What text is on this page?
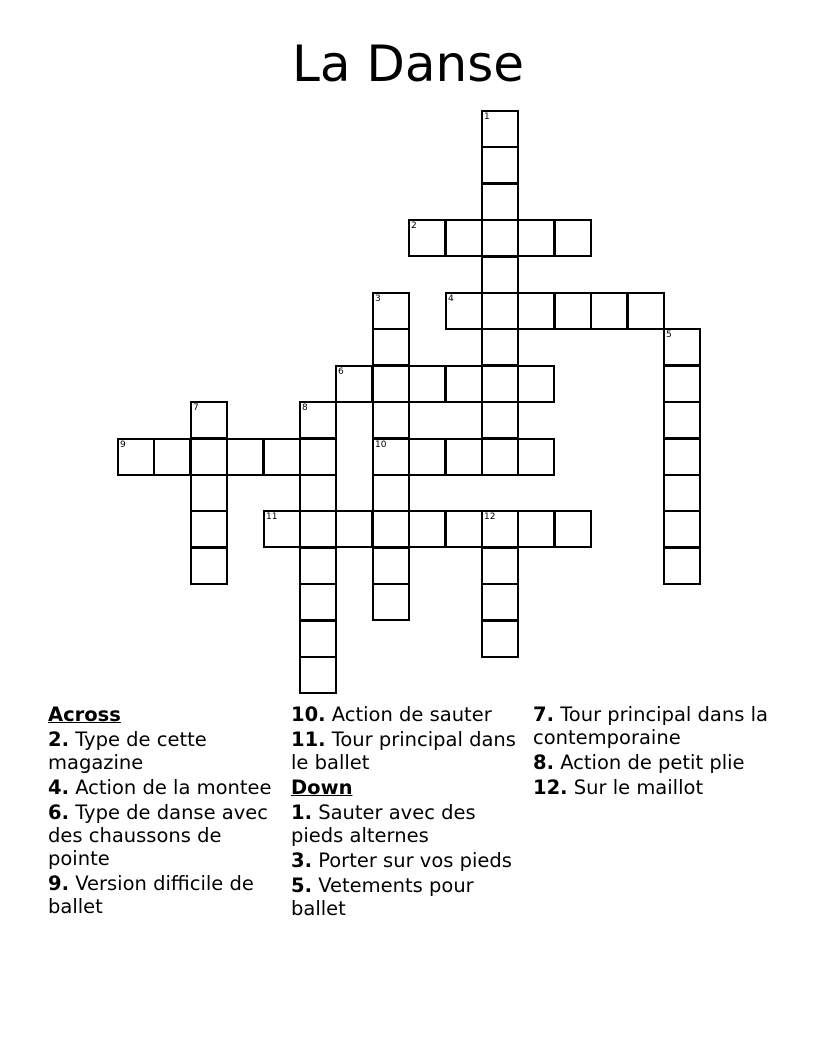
La Danse
1
2
3
10
4
5
6
7	8
9
11	12
Across
2. Type de cette magazine
4. Action de la montee
6. Type de danse avec des chaussons de pointe
9. Version difficile de ballet
10. Action de sauter
11. Tour principal dans le ballet
Down
1. Sauter avec des pieds alternes
3. Porter sur vos pieds
5. Vetements pour ballet
7. Tour principal dans la contemporaine
8. Action de petit plie
12. Sur le maillot
